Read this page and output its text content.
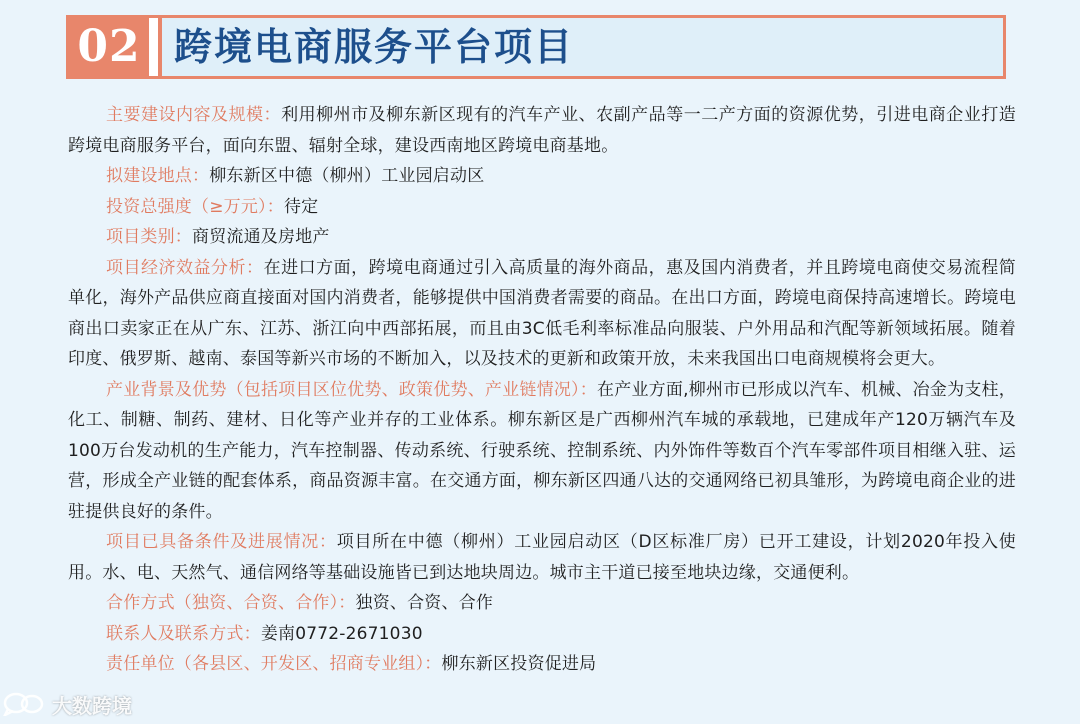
02 跨境电商服务平台项目

主要建设内容及规模：利用柳州市及柳东新区现有的汽车产业、农副产品等一二产方面的资源优势，引进电商企业打造跨境电商服务平台，面向东盟、辐射全球，建设西南地区跨境电商基地。

拟建设地点：柳东新区中德（柳州）工业园启动区

投资总强度（≥万元）：待定

项目类别：商贸流通及房地产

项目经济效益分析：在进口方面，跨境电商通过引入高质量的海外商品，惠及国内消费者，并且跨境电商使交易流程简单化，海外产品供应商直接面对国内消费者，能够提供中国消费者需要的商品。在出口方面，跨境电商保持高速增长。跨境电商出口卖家正在从广东、江苏、浙江向中西部拓展，而且由3C低毛利率标准品向服装、户外用品和汽配等新领域拓展。随着印度、俄罗斯、越南、泰国等新兴市场的不断加入，以及技术的更新和政策开放，未来我国出口电商规模将会更大。

产业背景及优势（包括项目区位优势、政策优势、产业链情况）：在产业方面,柳州市已形成以汽车、机械、冶金为支柱，化工、制糖、制药、建材、日化等产业并存的工业体系。柳东新区是广西柳州汽车城的承载地，已建成年产120万辆汽车及100万台发动机的生产能力，汽车控制器、传动系统、行驶系统、控制系统、内外饰件等数百个汽车零部件项目相继入驻、运营，形成全产业链的配套体系，商品资源丰富。在交通方面，柳东新区四通八达的交通网络已初具雏形，为跨境电商企业的进驻提供良好的条件。

项目已具备条件及进展情况：项目所在中德（柳州）工业园启动区（D区标准厂房）已开工建设，计划2020年投入使用。水、电、天然气、通信网络等基础设施皆已到达地块周边。城市主干道已接至地块边缘，交通便利。

合作方式（独资、合资、合作）：独资、合资、合作

联系人及联系方式：姜南0772-2671030

责任单位（各县区、开发区、招商专业组）：柳东新区投资促进局

大数跨境
